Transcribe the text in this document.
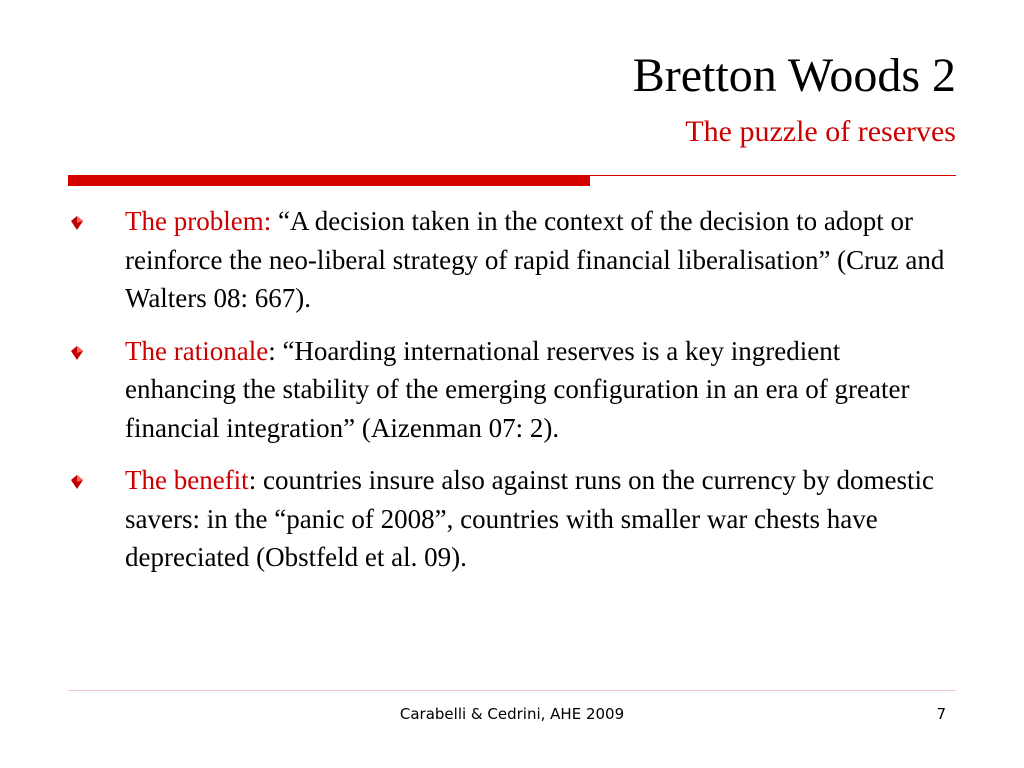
Bretton Woods 2
The puzzle of reserves
The problem: “A decision taken in the context of the decision to adopt or reinforce the neo-liberal strategy of rapid financial liberalisation” (Cruz and Walters 08: 667).
The rationale: “Hoarding international reserves is a key ingredient enhancing the stability of the emerging configuration in an era of greater financial integration” (Aizenman 07: 2).
The benefit: countries insure also against runs on the currency by domestic savers: in the “panic of 2008”, countries with smaller war chests have depreciated (Obstfeld et al. 09).
Carabelli & Cedrini, AHE 2009	7
